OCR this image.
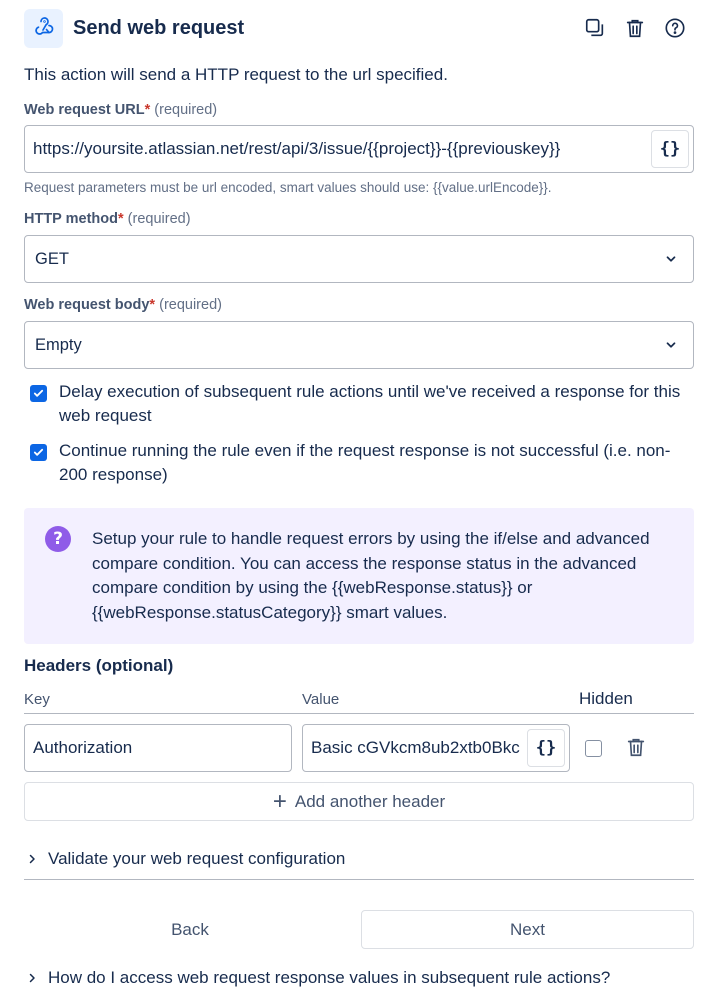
Send web request

This action will send a HTTP request to the url specified.

Web request URL* (required)
https://yoursite.atlassian.net/rest/api/3/issue/{{project}}-{{previouskey}}	{}

Request parameters must be url encoded, smart values should use: {{value.urlEncode}}.

HTTP method* (required)
GET
Web request body* (required)
Empty
Delay execution of subsequent rule actions until we've received a response for this web request
Continue running the rule even if the request response is not successful (i.e. non-200 response)
?	Setup your rule to handle request errors by using the if/else and advanced compare condition. You can access the response status in the advanced compare condition by using the {{webResponse.status}} or {{webResponse.statusCategory}} smart values.

Headers (optional)
Key	Value	Hidden
Authorization	Basic cGVkcm8ub2xtb0Bkc {}
+ Add another header
Validate your web request configuration
Back	Next
How do I access web request response values in subsequent rule actions?
